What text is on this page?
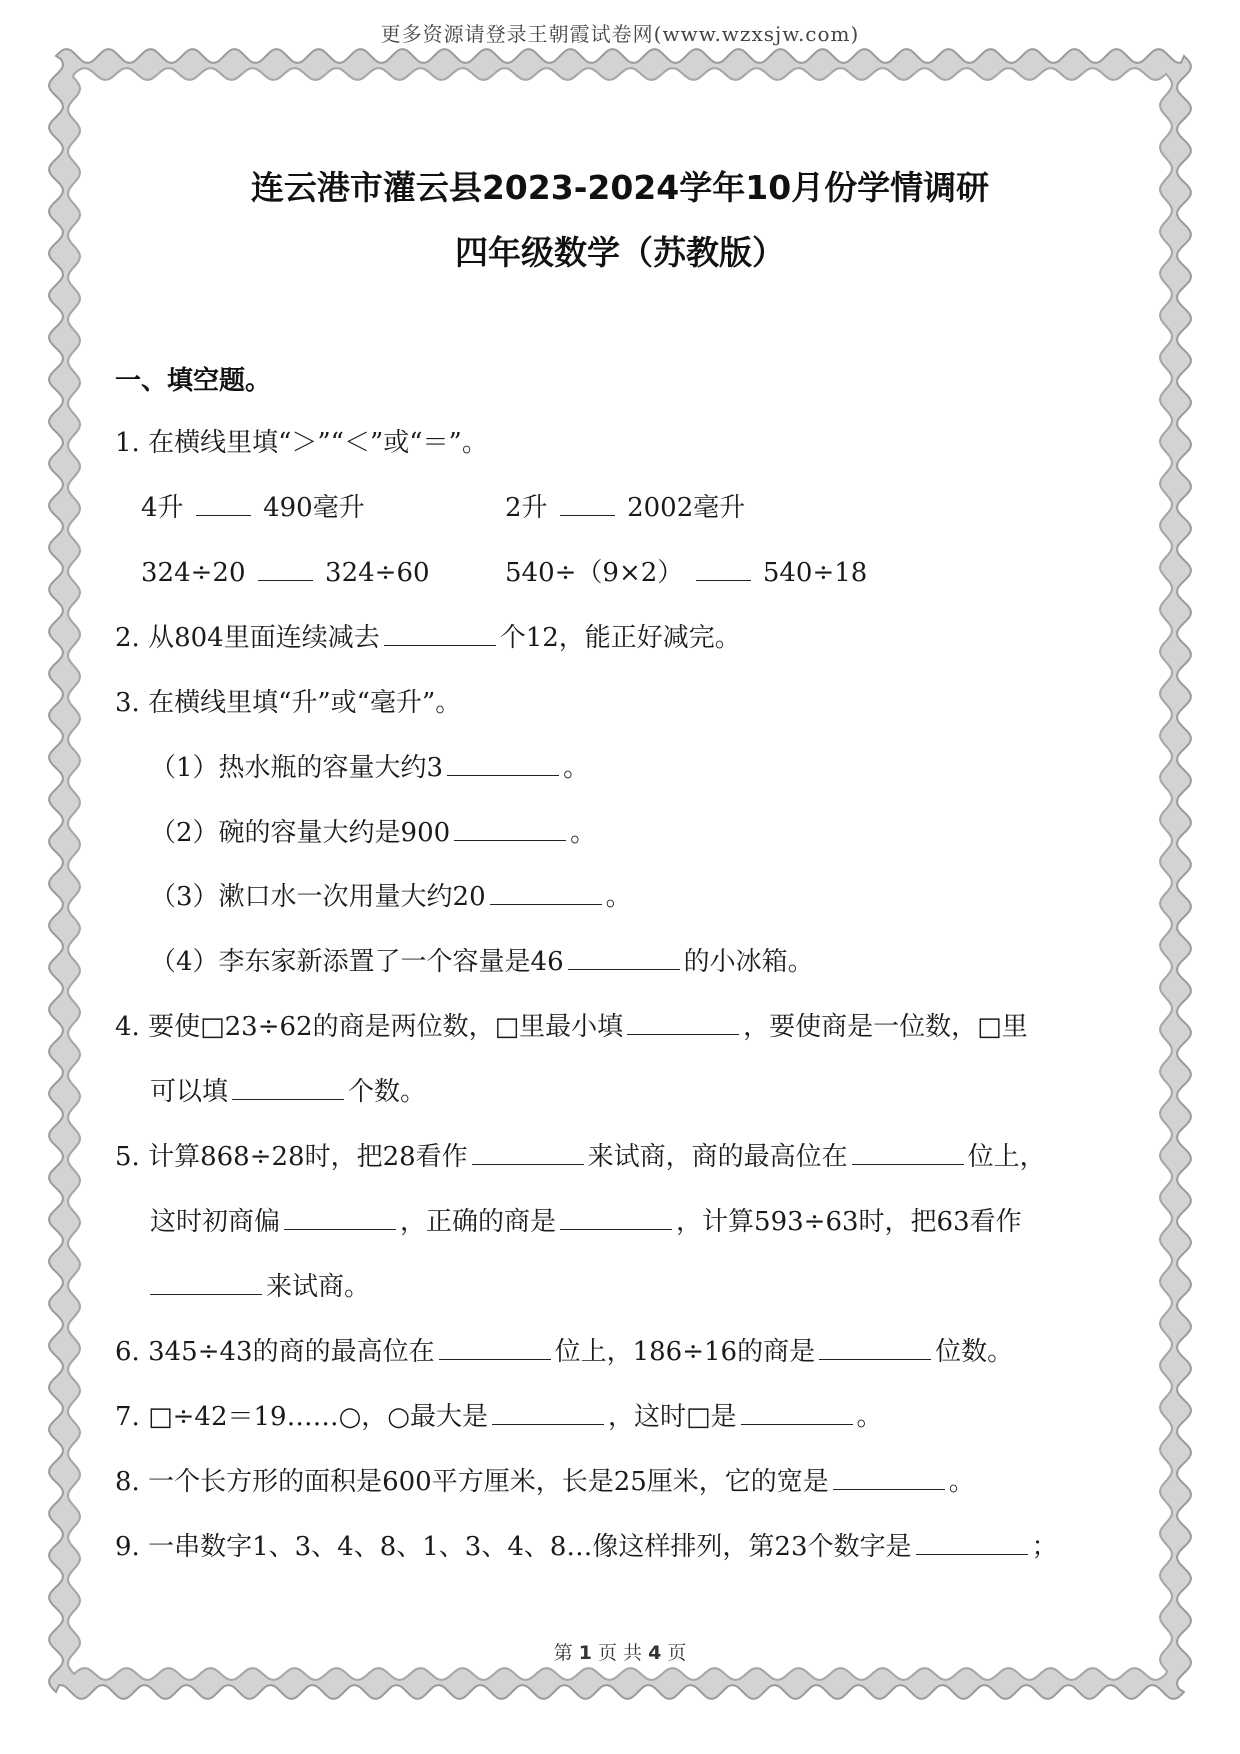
更多资源请登录王朝霞试卷网(www.wzxsjw.com)
连云港市灌云县2023-2024学年10月份学情调研
四年级数学（苏教版）
一、填空题。
1. 在横线里填“＞”“＜”或“＝”。
4升	490毫升	2升	2002毫升
324÷20	324÷60	540÷（9×2）	540÷18
2. 从804里面连续减去	个12，能正好减完。
3. 在横线里填“升”或“毫升”。
（1）热水瓶的容量大约3	。
（2）碗的容量大约是900	。
（3）漱口水一次用量大约20	。
（4）李东家新添置了一个容量是46	的小冰箱。
4. 要使□23÷62的商是两位数，□里最小填	，要使商是一位数，□里
可以填	个数。
5. 计算868÷28时，把28看作	来试商，商的最高位在	位上，
这时初商偏	，正确的商是	，计算593÷63时，把63看作
来试商。
6. 345÷43的商的最高位在	位上，186÷16的商是	位数。
7. □÷42＝19……○，○最大是	，这时□是	。
8. 一个长方形的面积是600平方厘米，长是25厘米，它的宽是	。
9. 一串数字1、3、4、8、1、3、4、8…像这样排列，第23个数字是	；
第 1 页 共 4 页
